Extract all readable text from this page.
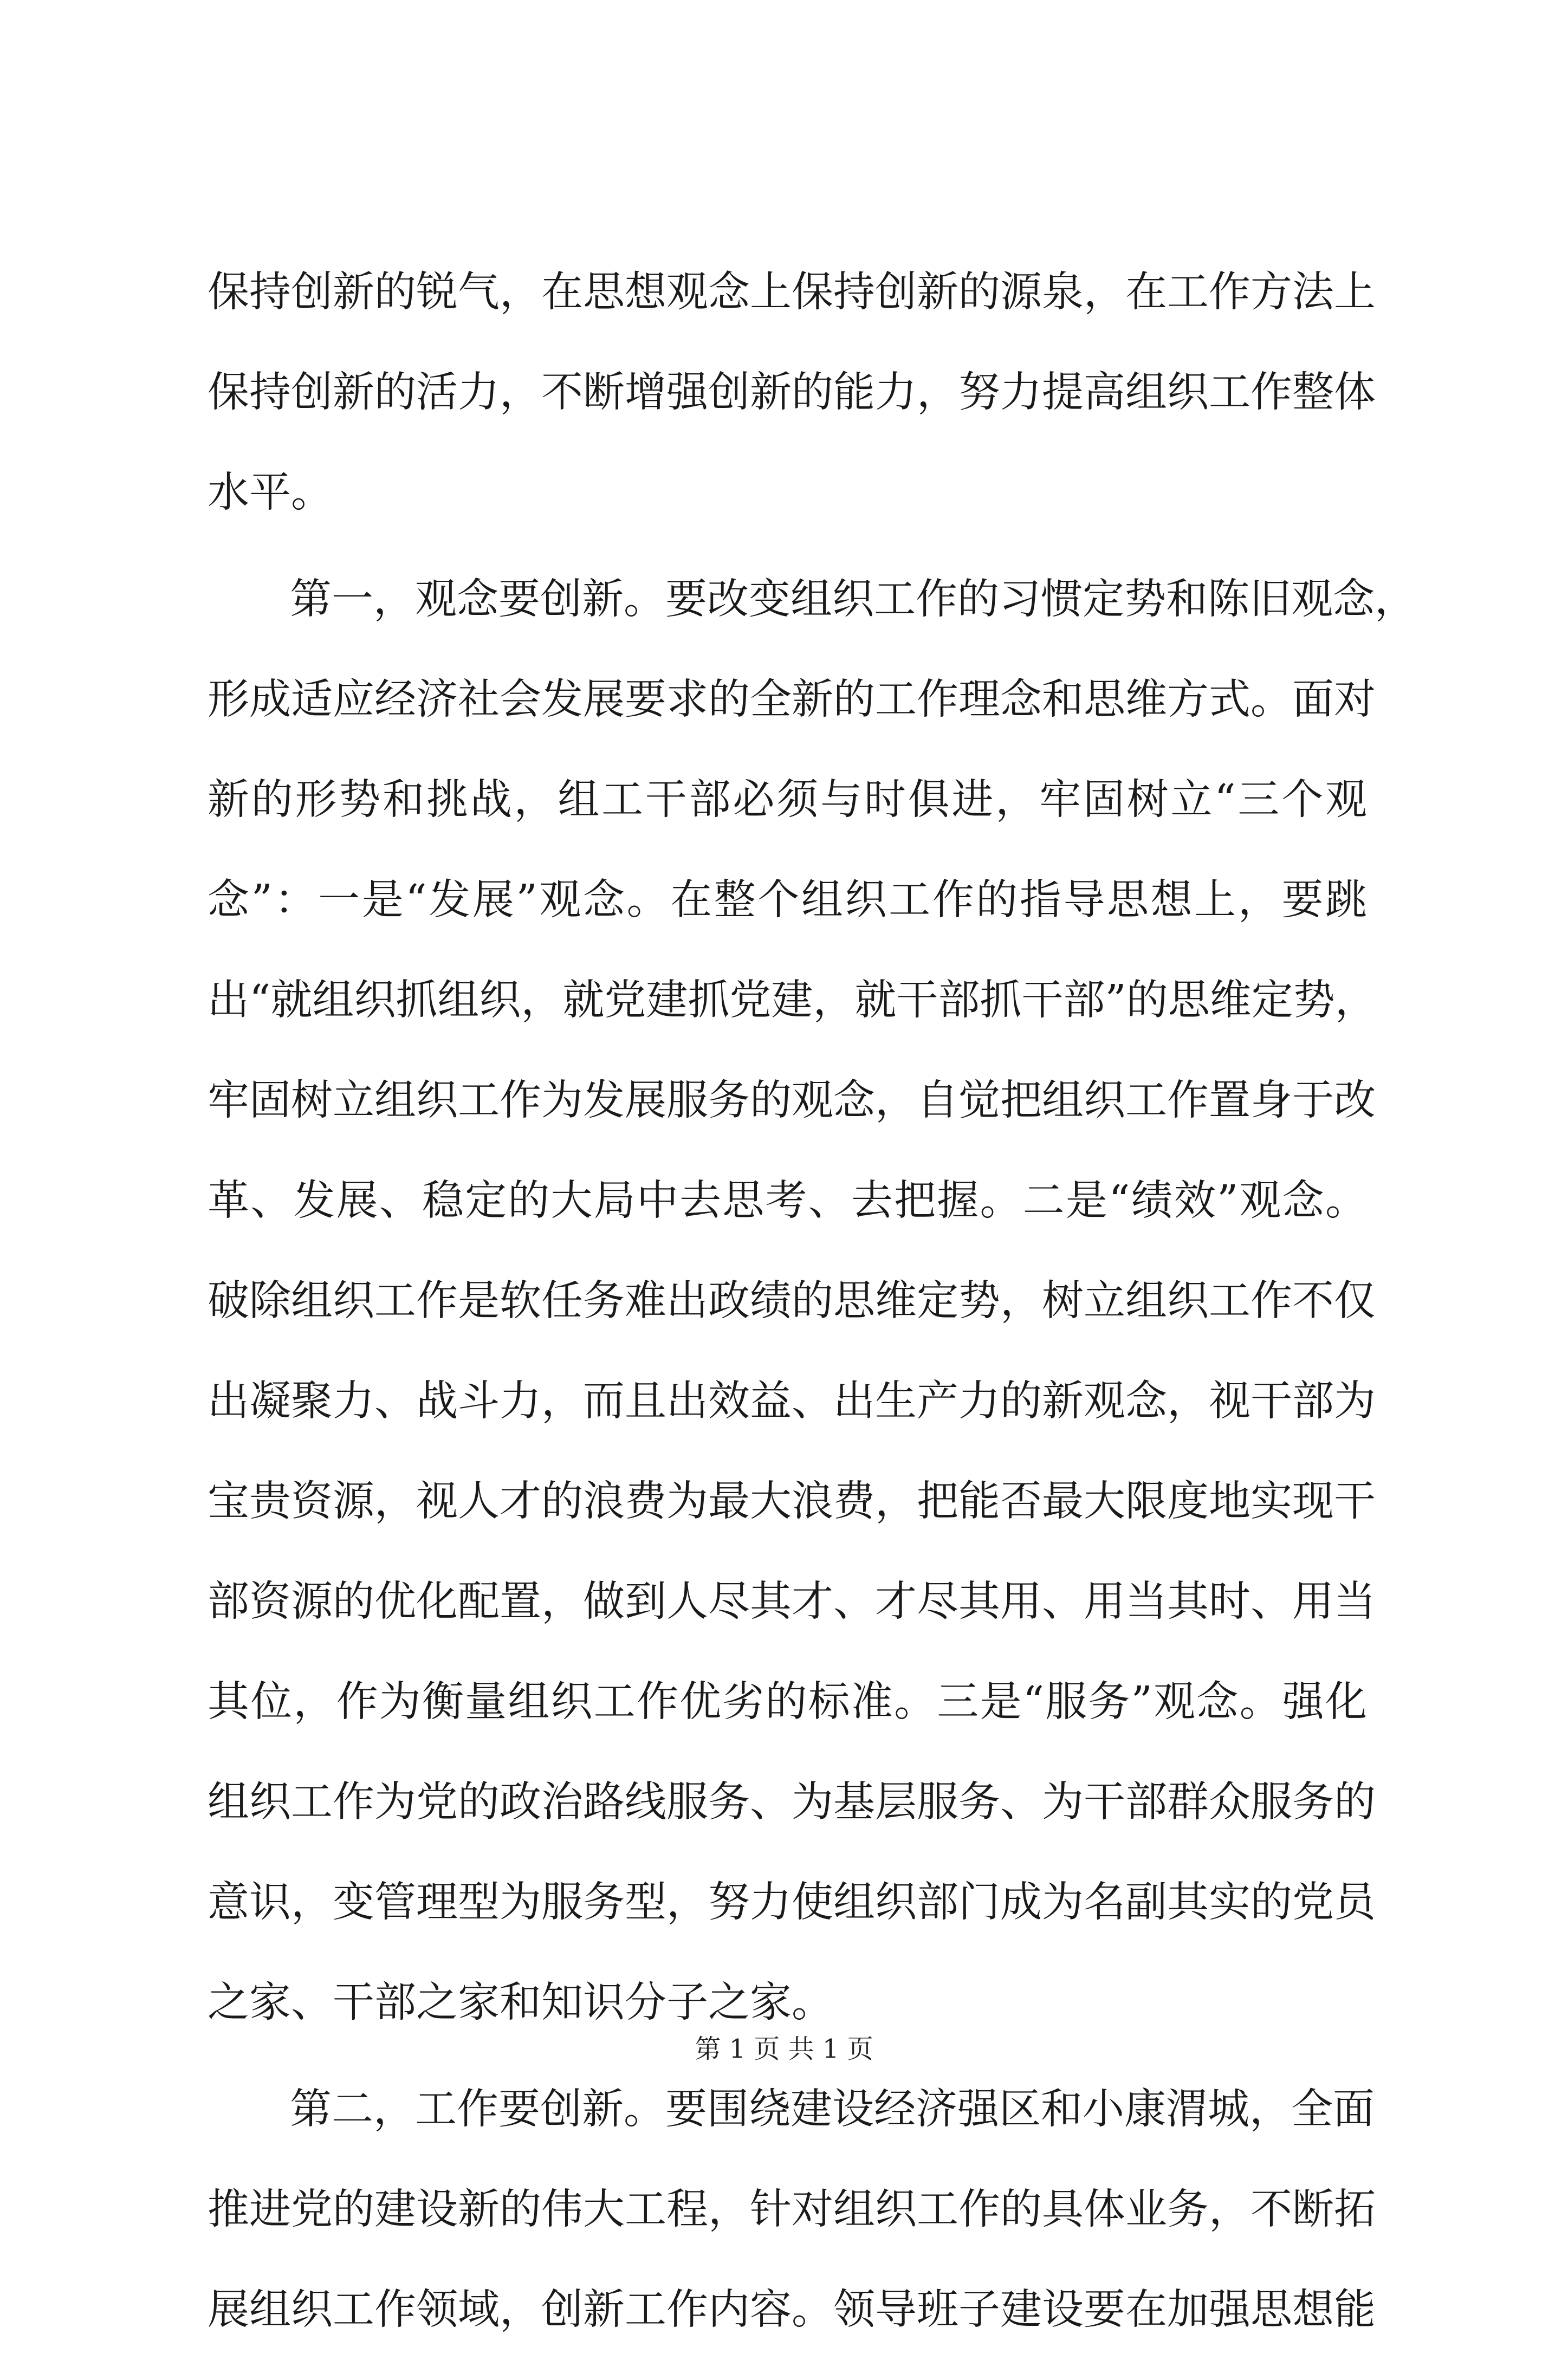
保持创新的锐气，在思想观念上保持创新的源泉，在工作方法上
保持创新的活力，不断增强创新的能力，努力提高组织工作整体
水平。
第一，观念要创新。要改变组织工作的习惯定势和陈旧观念，
形成适应经济社会发展要求的全新的工作理念和思维方式。面对
新的形势和挑战，组工干部必须与时俱进，牢固树立“三个观
念”：一是“发展”观念。在整个组织工作的指导思想上，要跳
出“就组织抓组织，就党建抓党建，就干部抓干部”的思维定势，
牢固树立组织工作为发展服务的观念，自觉把组织工作置身于改
革、发展、稳定的大局中去思考、去把握。二是“绩效”观念。
破除组织工作是软任务难出政绩的思维定势，树立组织工作不仅
出凝聚力、战斗力，而且出效益、出生产力的新观念，视干部为
宝贵资源，视人才的浪费为最大浪费，把能否最大限度地实现干
部资源的优化配置，做到人尽其才、才尽其用、用当其时、用当
其位，作为衡量组织工作优劣的标准。三是“服务”观念。强化
组织工作为党的政治路线服务、为基层服务、为干部群众服务的
意识，变管理型为服务型，努力使组织部门成为名副其实的党员
之家、干部之家和知识分子之家。
第二，工作要创新。要围绕建设经济强区和小康渭城，全面
推进党的建设新的伟大工程，针对组织工作的具体业务，不断拓
展组织工作领域，创新工作内容。领导班子建设要在加强思想能
第 1 页 共 1 页
